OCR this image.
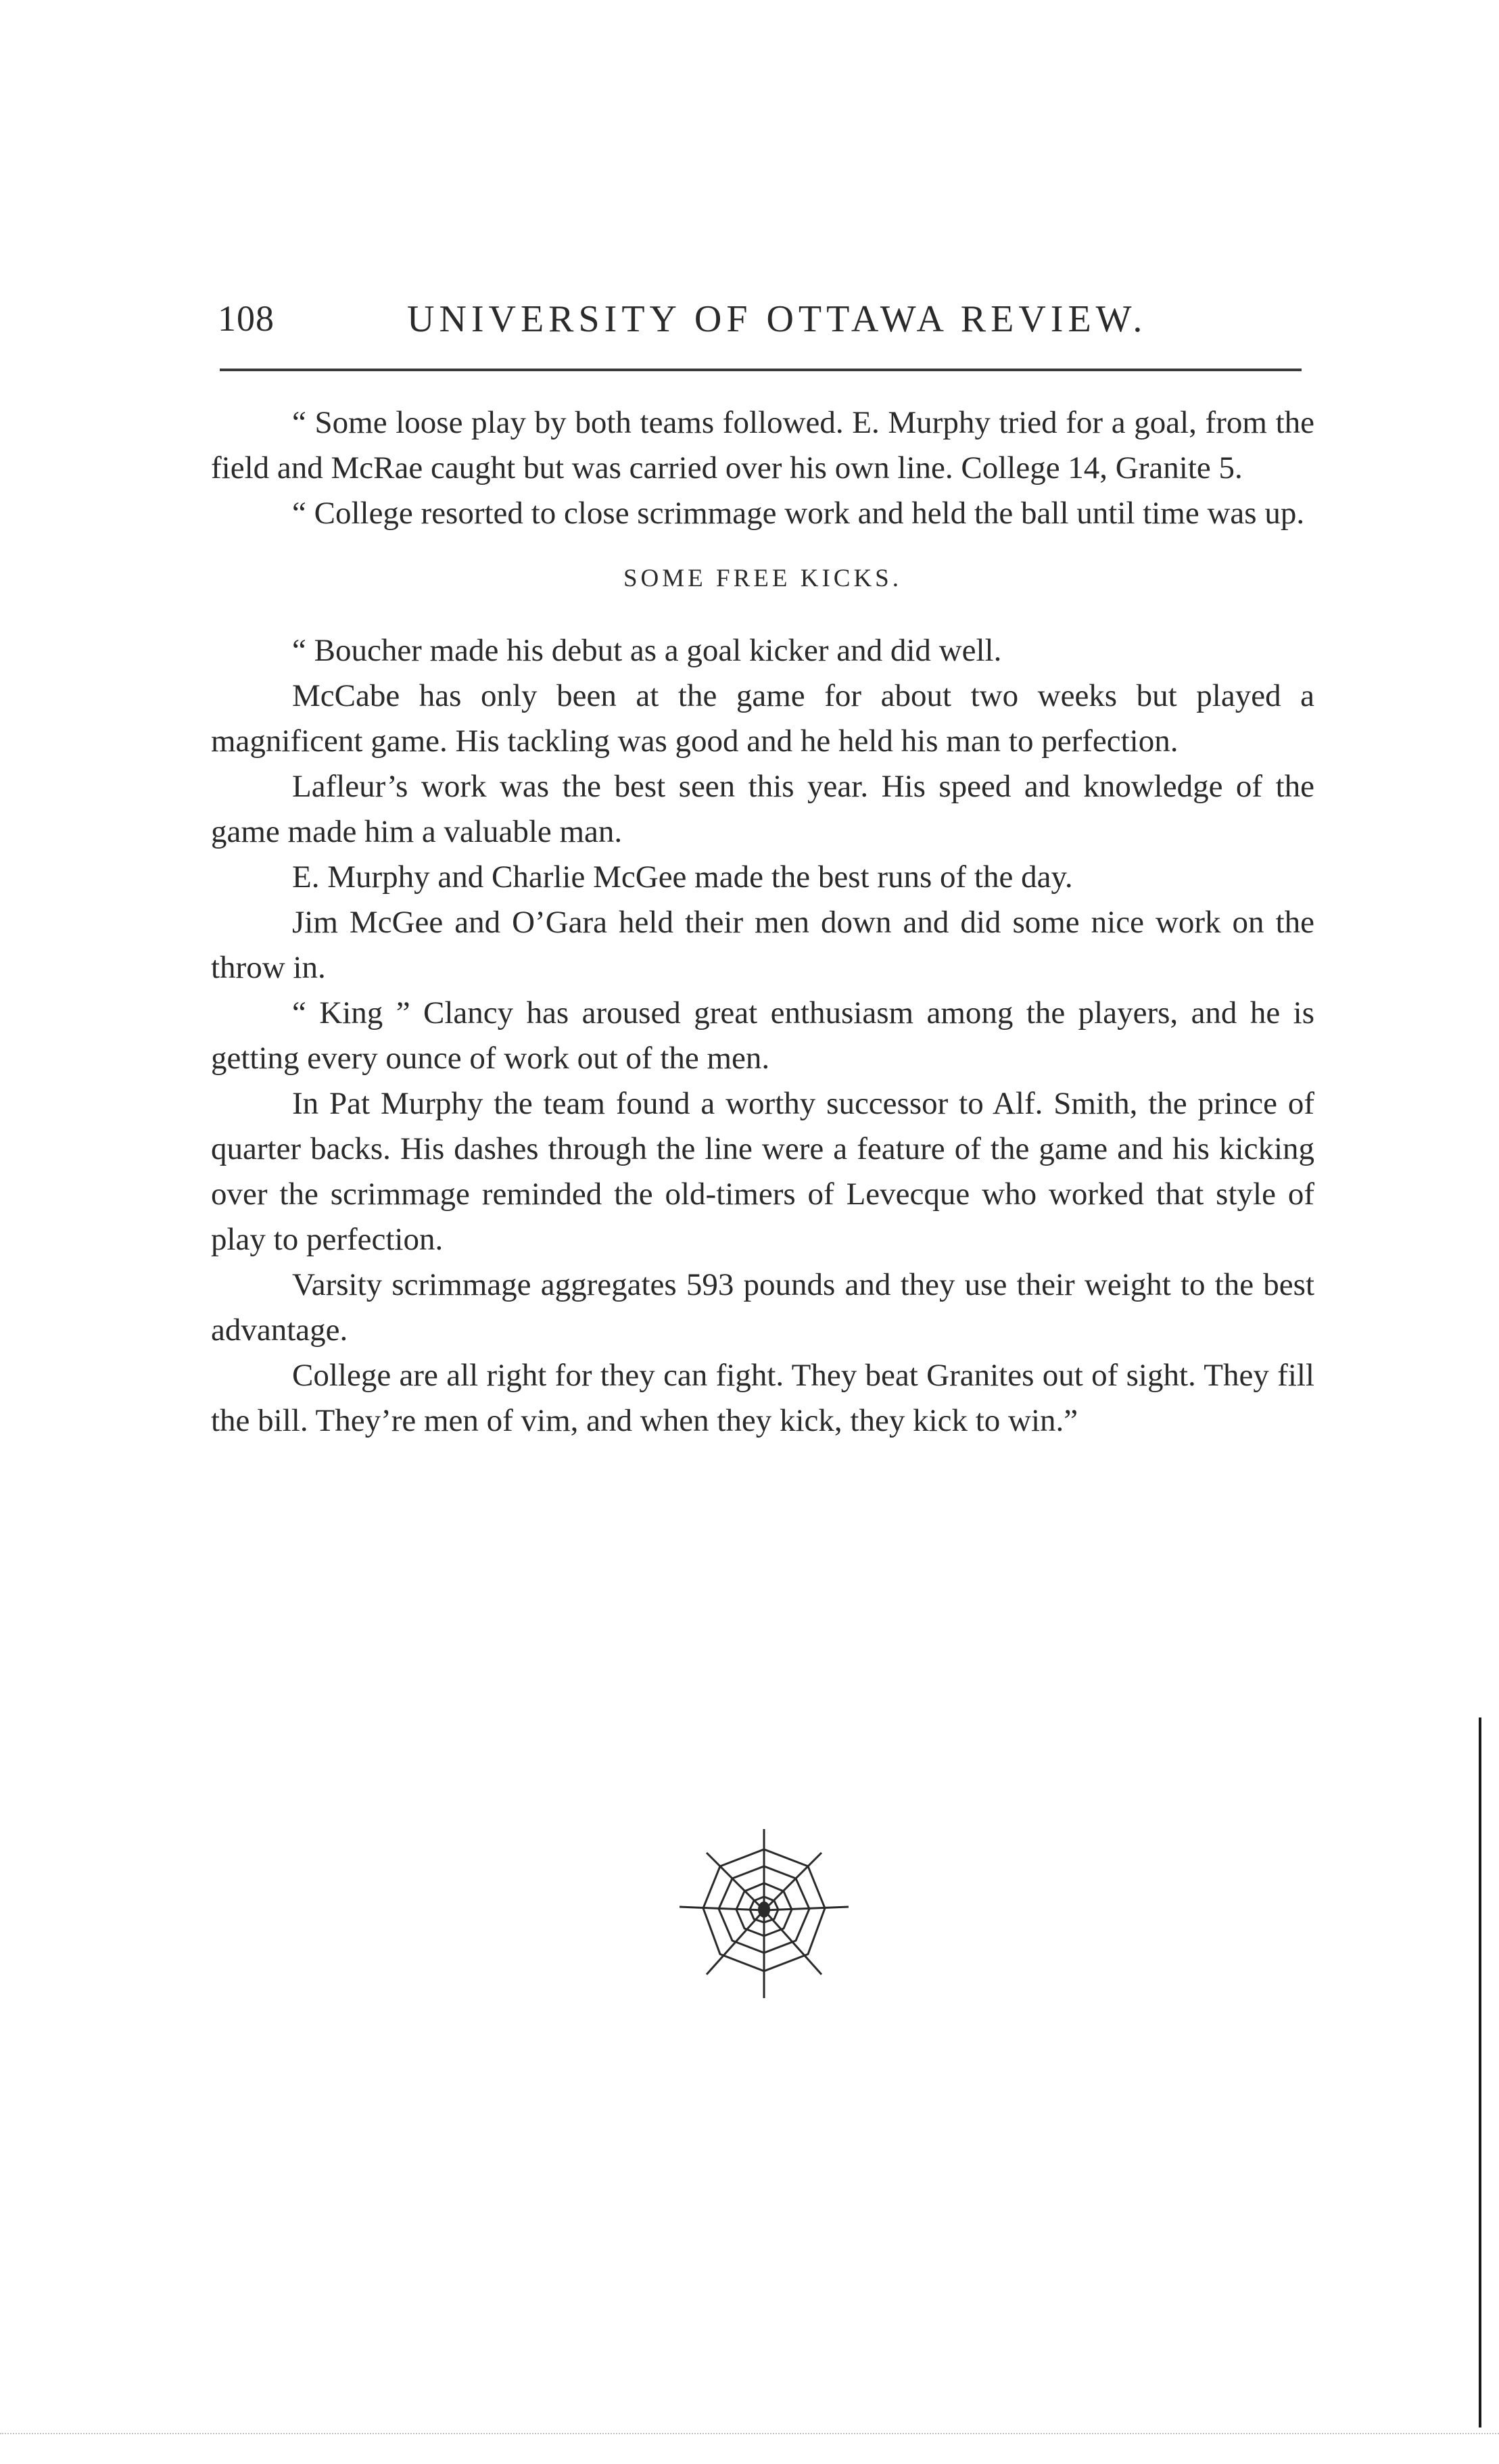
108	UNIVERSITY OF OTTAWA REVIEW.

“ Some loose play by both teams followed. E. Murphy tried for a goal, from the field and McRae caught but was carried over his own line. College 14, Granite 5.

“ College resorted to close scrimmage work and held the ball until time was up.

SOME FREE KICKS.

“ Boucher made his debut as a goal kicker and did well.

McCabe has only been at the game for about two weeks but played a magnificent game. His tackling was good and he held his man to perfection.

Lafleur’s work was the best seen this year. His speed and knowledge of the game made him a valuable man.

E. Murphy and Charlie McGee made the best runs of the day.

Jim McGee and O’Gara held their men down and did some nice work on the throw in.

“ King ” Clancy has aroused great enthusiasm among the players, and he is getting every ounce of work out of the men.

In Pat Murphy the team found a worthy successor to Alf. Smith, the prince of quarter backs. His dashes through the line were a feature of the game and his kicking over the scrimmage reminded the old-timers of Levecque who worked that style of play to perfection.

Varsity scrimmage aggregates 593 pounds and they use their weight to the best advantage.

College are all right for they can fight. They beat Granites out of sight. They fill the bill. They’re men of vim, and when they kick, they kick to win.”
